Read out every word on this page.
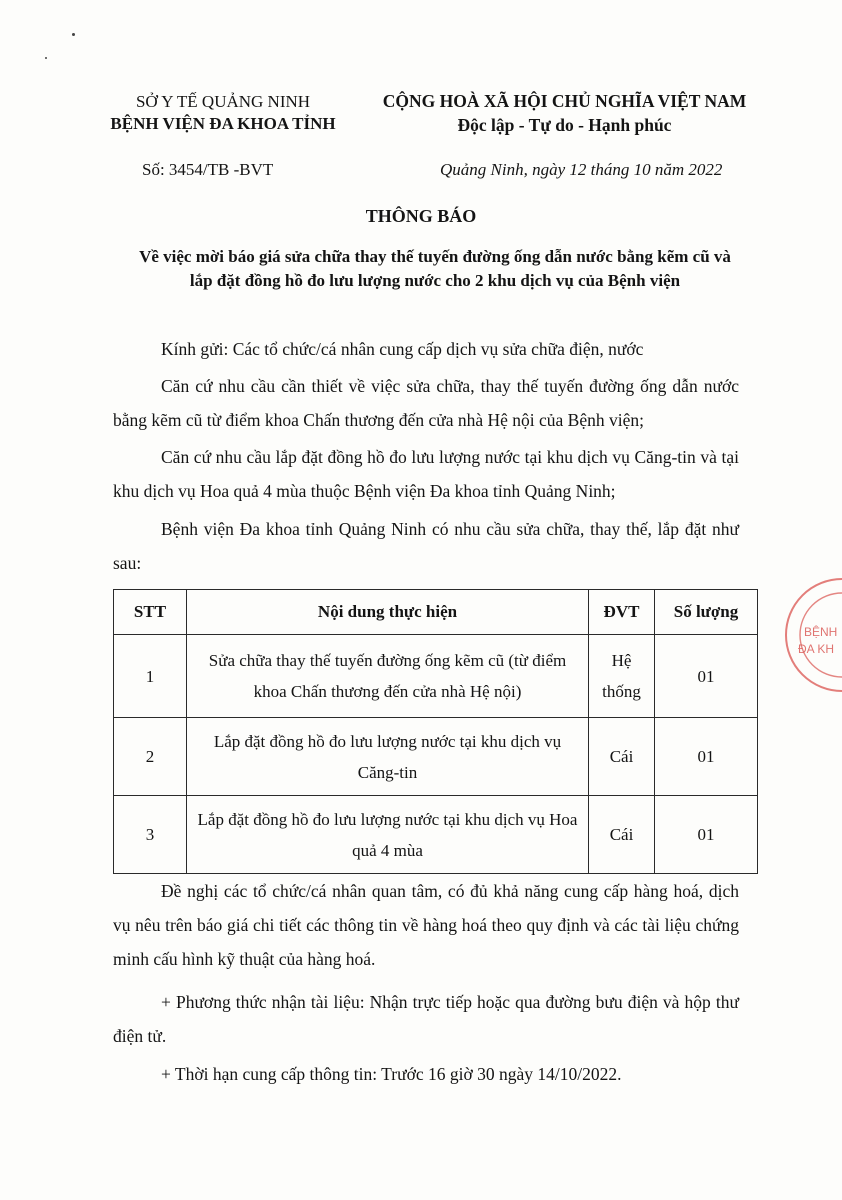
SỞ Y TẾ QUẢNG NINH
BỆNH VIỆN ĐA KHOA TỈNH
CỘNG HOÀ XÃ HỘI CHỦ NGHĨA VIỆT NAM
Độc lập - Tự do - Hạnh phúc
Số: 3454/TB -BVT	Quảng Ninh, ngày 12 tháng 10 năm 2022
THÔNG BÁO
Về việc mời báo giá sửa chữa thay thế tuyến đường ống dẫn nước bằng kẽm cũ và
lắp đặt đồng hồ đo lưu lượng nước cho 2 khu dịch vụ của Bệnh viện
Kính gửi: Các tổ chức/cá nhân cung cấp dịch vụ sửa chữa điện, nước
Căn cứ nhu cầu cần thiết về việc sửa chữa, thay thế tuyến đường ống dẫn nước bằng kẽm cũ từ điểm khoa Chấn thương đến cửa nhà Hệ nội của Bệnh viện;
Căn cứ nhu cầu lắp đặt đồng hồ đo lưu lượng nước tại khu dịch vụ Căng-tin và tại khu dịch vụ Hoa quả 4 mùa thuộc Bệnh viện Đa khoa tỉnh Quảng Ninh;
Bệnh viện Đa khoa tỉnh Quảng Ninh có nhu cầu sửa chữa, thay thế, lắp đặt như sau:
STT	Nội dung thực hiện	ĐVT	Số lượng
1	Sửa chữa thay thế tuyến đường ống kẽm cũ (từ điểm khoa Chấn thương đến cửa nhà Hệ nội)	Hệ thống	01
2	Lắp đặt đồng hồ đo lưu lượng nước tại khu dịch vụ Căng-tin	Cái	01
3	Lắp đặt đồng hồ đo lưu lượng nước tại khu dịch vụ Hoa quả 4 mùa	Cái	01
Đề nghị các tổ chức/cá nhân quan tâm, có đủ khả năng cung cấp hàng hoá, dịch vụ nêu trên báo giá chi tiết các thông tin về hàng hoá theo quy định và các tài liệu chứng minh cấu hình kỹ thuật của hàng hoá.
+ Phương thức nhận tài liệu: Nhận trực tiếp hoặc qua đường bưu điện và hộp thư điện tử.
+ Thời hạn cung cấp thông tin: Trước 16 giờ 30 ngày 14/10/2022.
BỆNH
ĐA KH
